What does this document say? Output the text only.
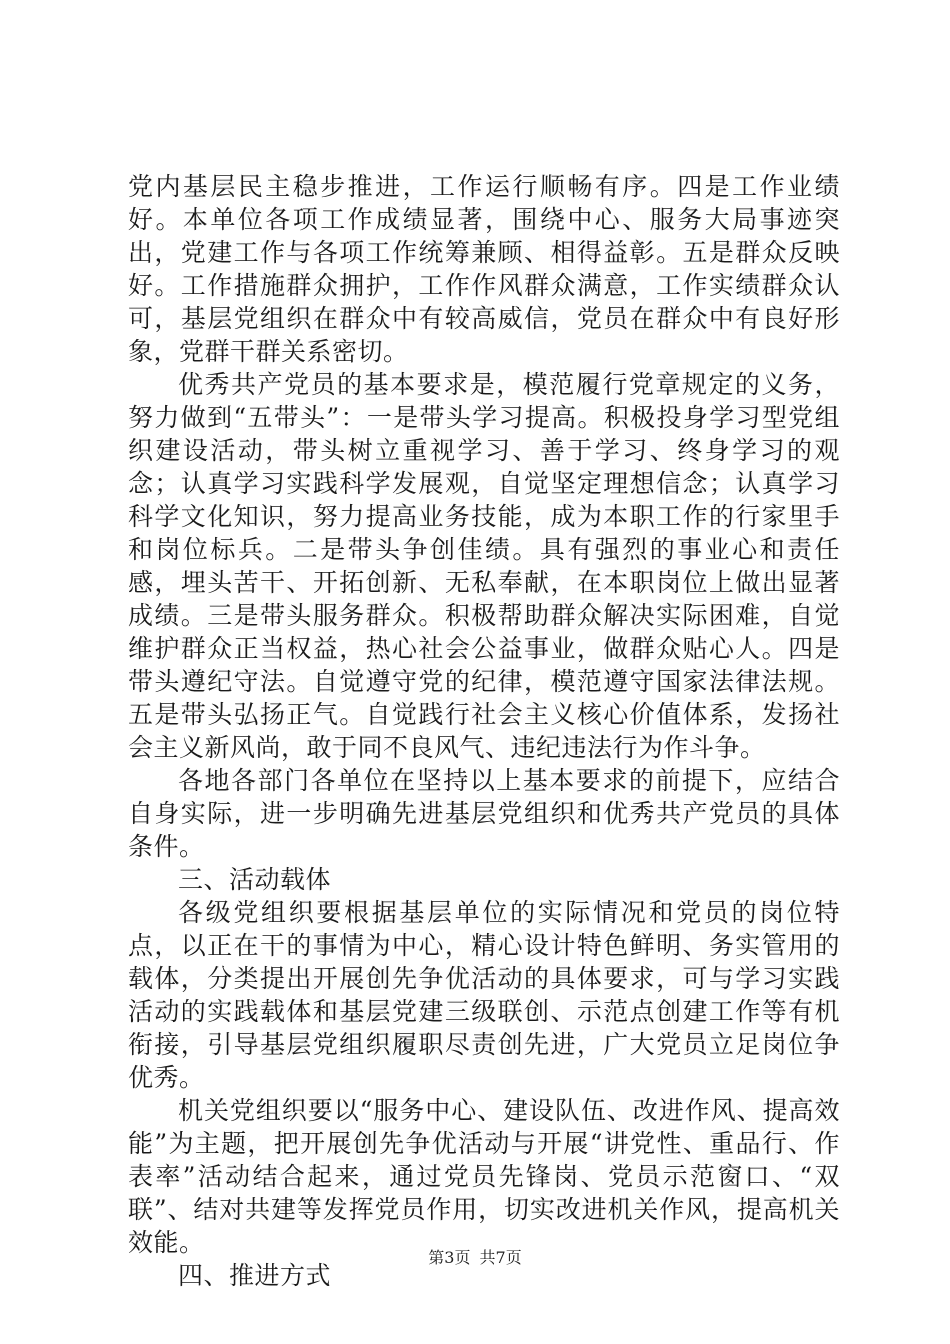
党内基层民主稳步推进，工作运行顺畅有序。四是工作业绩好。本单位各项工作成绩显著，围绕中心、服务大局事迹突出，党建工作与各项工作统筹兼顾、相得益彰。五是群众反映好。工作措施群众拥护，工作作风群众满意，工作实绩群众认可，基层党组织在群众中有较高威信，党员在群众中有良好形象，党群干群关系密切。

优秀共产党员的基本要求是，模范履行党章规定的义务，努力做到“五带头”：一是带头学习提高。积极投身学习型党组织建设活动，带头树立重视学习、善于学习、终身学习的观念；认真学习实践科学发展观，自觉坚定理想信念；认真学习科学文化知识，努力提高业务技能，成为本职工作的行家里手和岗位标兵。二是带头争创佳绩。具有强烈的事业心和责任感，埋头苦干、开拓创新、无私奉献，在本职岗位上做出显著成绩。三是带头服务群众。积极帮助群众解决实际困难，自觉维护群众正当权益，热心社会公益事业，做群众贴心人。四是带头遵纪守法。自觉遵守党的纪律，模范遵守国家法律法规。五是带头弘扬正气。自觉践行社会主义核心价值体系，发扬社会主义新风尚，敢于同不良风气、违纪违法行为作斗争。

各地各部门各单位在坚持以上基本要求的前提下，应结合自身实际，进一步明确先进基层党组织和优秀共产党员的具体条件。

三、活动载体

各级党组织要根据基层单位的实际情况和党员的岗位特点，以正在干的事情为中心，精心设计特色鲜明、务实管用的载体，分类提出开展创先争优活动的具体要求，可与学习实践活动的实践载体和基层党建三级联创、示范点创建工作等有机衔接，引导基层党组织履职尽责创先进，广大党员立足岗位争优秀。

机关党组织要以“服务中心、建设队伍、改进作风、提高效能”为主题，把开展创先争优活动与开展“讲党性、重品行、作表率”活动结合起来，通过党员先锋岗、党员示范窗口、“双联”、结对共建等发挥党员作用，切实改进机关作风，提高机关效能。

四、推进方式

第3页 共7页
